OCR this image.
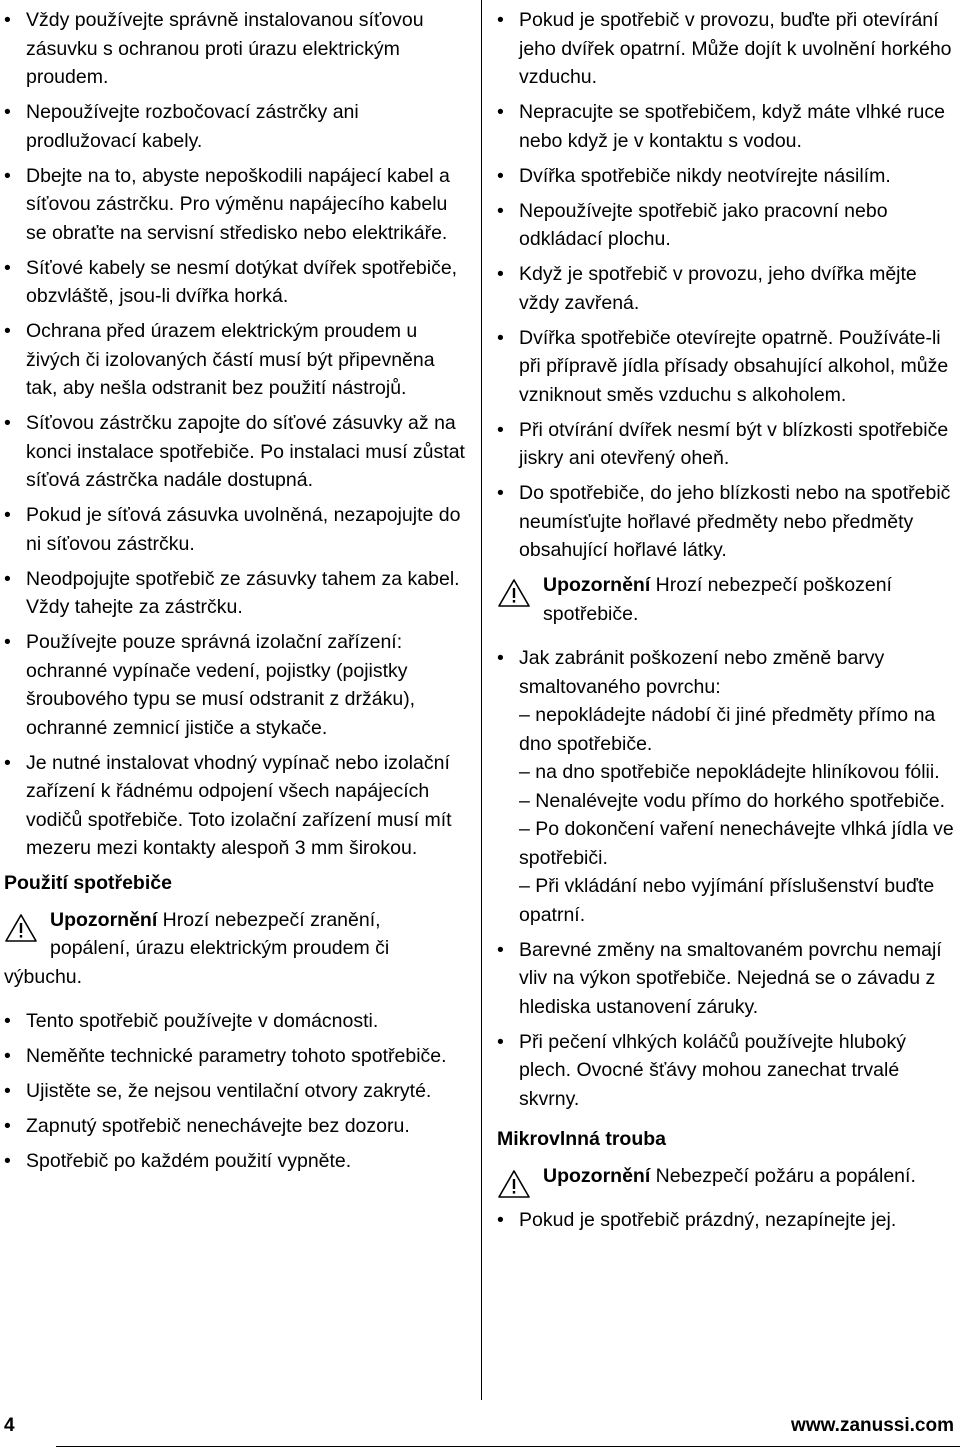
• Vždy používejte správně instalovanou síťovou zásuvku s ochranou proti úrazu elektrickým proudem.
• Nepoužívejte rozbočovací zástrčky ani prodlužovací kabely.
• Dbejte na to, abyste nepoškodili napájecí kabel a síťovou zástrčku. Pro výměnu napájecího kabelu se obraťte na servisní středisko nebo elektrikáře.
• Síťové kabely se nesmí dotýkat dvířek spotřebiče, obzvláště, jsou-li dvířka horká.
• Ochrana před úrazem elektrickým proudem u živých či izolovaných částí musí být připevněna tak, aby nešla odstranit bez použití nástrojů.
• Síťovou zástrčku zapojte do síťové zásuvky až na konci instalace spotřebiče. Po instalaci musí zůstat síťová zástrčka nadále dostupná.
• Pokud je síťová zásuvka uvolněná, nezapojujte do ni síťovou zástrčku.
• Neodpojujte spotřebič ze zásuvky tahem za kabel. Vždy tahejte za zástrčku.
• Používejte pouze správná izolační zařízení: ochranné vypínače vedení, pojistky (pojistky šroubového typu se musí odstranit z držáku), ochranné zemnicí jističe a stykače.
• Je nutné instalovat vhodný vypínač nebo izolační zařízení k řádnému odpojení všech napájecích vodičů spotřebiče. Toto izolační zařízení musí mít mezeru mezi kontakty alespoň 3 mm širokou.
Použití spotřebiče
Upozornění Hrozí nebezpečí zranění,
popálení, úrazu elektrickým proudem či výbuchu.
• Tento spotřebič používejte v domácnosti.
• Neměňte technické parametry tohoto spotřebiče.
• Ujistěte se, že nejsou ventilační otvory zakryté.
• Zapnutý spotřebič nenechávejte bez dozoru.
• Spotřebič po každém použití vypněte.
• Pokud je spotřebič v provozu, buďte při otevírání jeho dvířek opatrní. Může dojít k uvolnění horkého vzduchu.
• Nepracujte se spotřebičem, když máte vlhké ruce nebo když je v kontaktu s vodou.
• Dvířka spotřebiče nikdy neotvírejte násilím.
• Nepoužívejte spotřebič jako pracovní nebo odkládací plochu.
• Když je spotřebič v provozu, jeho dvířka mějte vždy zavřená.
• Dvířka spotřebiče otevírejte opatrně. Používáte-li při přípravě jídla přísady obsahující alkohol, může vzniknout směs vzduchu s alkoholem.
• Při otvírání dvířek nesmí být v blízkosti spotřebiče jiskry ani otevřený oheň.
• Do spotřebiče, do jeho blízkosti nebo na spotřebič neumísťujte hořlavé předměty nebo předměty obsahující hořlavé látky.
Upozornění Hrozí nebezpečí poškození spotřebiče.
• Jak zabránit poškození nebo změně barvy smaltovaného povrchu:
– nepokládejte nádobí či jiné předměty přímo na dno spotřebiče.
– na dno spotřebiče nepokládejte hliníkovou fólii.
– Nenalévejte vodu přímo do horkého spotřebiče.
– Po dokončení vaření nenechávejte vlhká jídla ve spotřebiči.
– Při vkládání nebo vyjímání příslušenství buďte opatrní.
• Barevné změny na smaltovaném povrchu nemají vliv na výkon spotřebiče. Nejedná se o závadu z hlediska ustanovení záruky.
• Při pečení vlhkých koláčů používejte hluboký plech. Ovocné šťávy mohou zanechat trvalé skvrny.
Mikrovlnná trouba
Upozornění Nebezpečí požáru a popálení.
• Pokud je spotřebič prázdný, nezapínejte jej.
4	www.zanussi.com
